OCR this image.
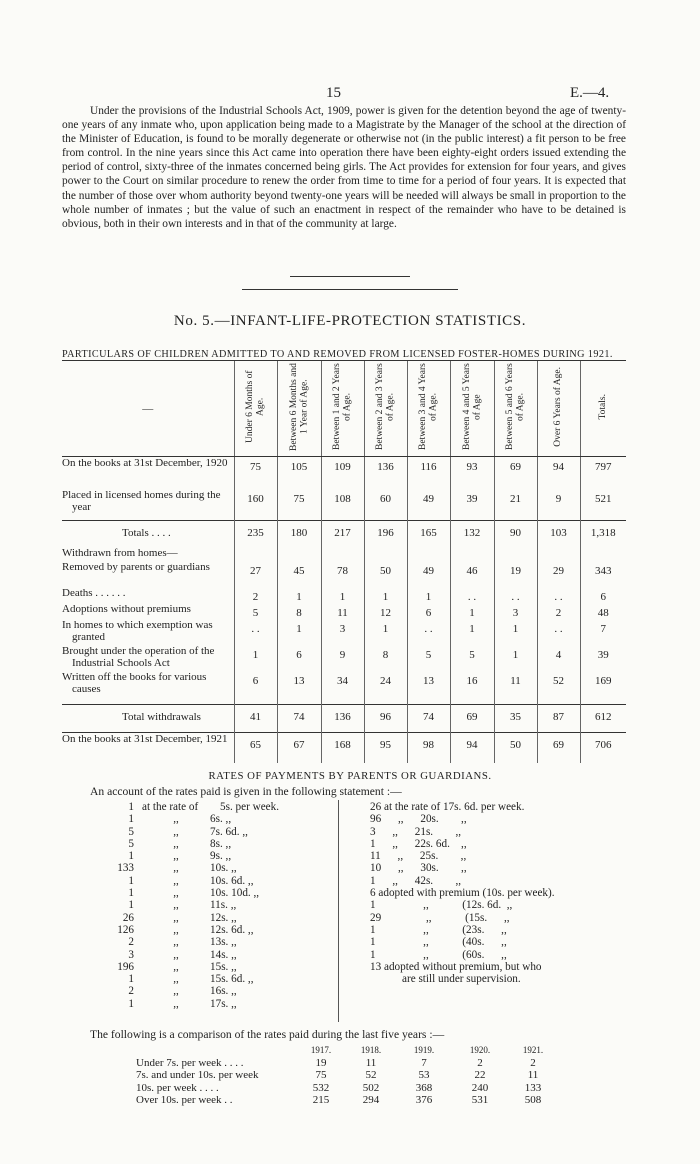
15	E.—4.
Under the provisions of the Industrial Schools Act, 1909, power is given for the detention beyond the age of twenty-one years of any inmate who, upon application being made to a Magistrate by the Manager of the school at the direction of the Minister of Education, is found to be morally degenerate or otherwise not (in the public interest) a fit person to be free from control. In the nine years since this Act came into operation there have been eighty-eight orders issued extending the period of control, sixty-three of the inmates concerned being girls. The Act provides for extension for four years, and gives power to the Court on similar procedure to renew the order from time to time for a period of four years. It is expected that the number of those over whom authority beyond twenty-one years will be needed will always be small in proportion to the whole number of inmates ; but the value of such an enactment in respect of the remainder who have to be detained is obvious, both in their own interests and in that of the community at large.
No. 5.—INFANT-LIFE-PROTECTION STATISTICS.
PARTICULARS OF CHILDREN ADMITTED TO AND REMOVED FROM LICENSED FOSTER-HOMES DURING 1921.
—	Under 6 Months of Age.	Between 6 Months and 1 Year of Age.	Between 1 and 2 Years of Age.	Between 2 and 3 Years of Age.	Between 3 and 4 Years of Age.	Between 4 and 5 Years of Age	Between 5 and 6 Years of Age.	Over 6 Years of Age.	Totals.

On the books at 31st December, 1920	75	105	109	136	116	93	69	94	797

Placed in licensed homes during the year	160	75	108	60	49	39	21	9	521

Totals . . . .	235	180	217	196	165	132	90	103	1,318
Withdrawn from homes—									

Removed by parents or guardians	27	45	78	50	49	46	19	29	343

Deaths . . . . . .	2	1	1	1	1	. .	. .	. .	6

Adoptions without premiums	5	8	11	12	6	1	3	2	48

In homes to which exemption was granted	. .	1	3	1	. .	1	1	. .	7

Brought under the operation of the Industrial Schools Act	1	6	9	8	5	5	1	4	39

Written off the books for various causes	6	13	34	24	13	16	11	52	169

Total withdrawals	41	74	136	96	74	69	35	87	612

On the books at 31st December, 1921	65	67	168	95	98	94	50	69	706
RATES OF PAYMENTS BY PARENTS OR GUARDIANS.
An account of the rates paid is given in the following statement :—
1 at the rate of 5s. per week.
1	,,	6s. ,,
5	,,	7s. 6d. ,,
5	,,	8s. ,,
1	,,	9s. ,,
133	,,	10s. ,,
1	,,	10s. 6d. ,,
1	,,	10s. 10d. ,,
1	,,	11s. ,,
26	,,	12s. ,,
126	,,	12s. 6d. ,,
2	,,	13s. ,,
3	,,	14s. ,,
196	,,	15s. ,,
1	,,	15s. 6d. ,,
2	,,	16s. ,,
1	,,	17s. ,,
26 at the rate of 17s. 6d. per week.
96      ,,      20s.        ,,
3      ,,      21s.        ,,
1      ,,      22s. 6d.    ,,
11      ,,      25s.        ,,
10      ,,      30s.        ,,
1      ,,      42s.        ,,
6 adopted with premium (10s. per week).
1                 ,,            (12s. 6d.  ,,
29                ,,            (15s.      ,,
1                 ,,            (23s.      ,,
1                 ,,            (40s.      ,,
1                 ,,            (60s.      ,,
13 adopted without premium, but who
are still under supervision.
The following is a comparison of the rates paid during the last five years :—
	1917.	1918.	1919.	1920.	1921.
Under 7s. per week . . . .	19	11	7	2	2
7s. and under 10s. per week	75	52	53	22	11
10s. per week . . . .	532	502	368	240	133
Over 10s. per week . .	215	294	376	531	508
